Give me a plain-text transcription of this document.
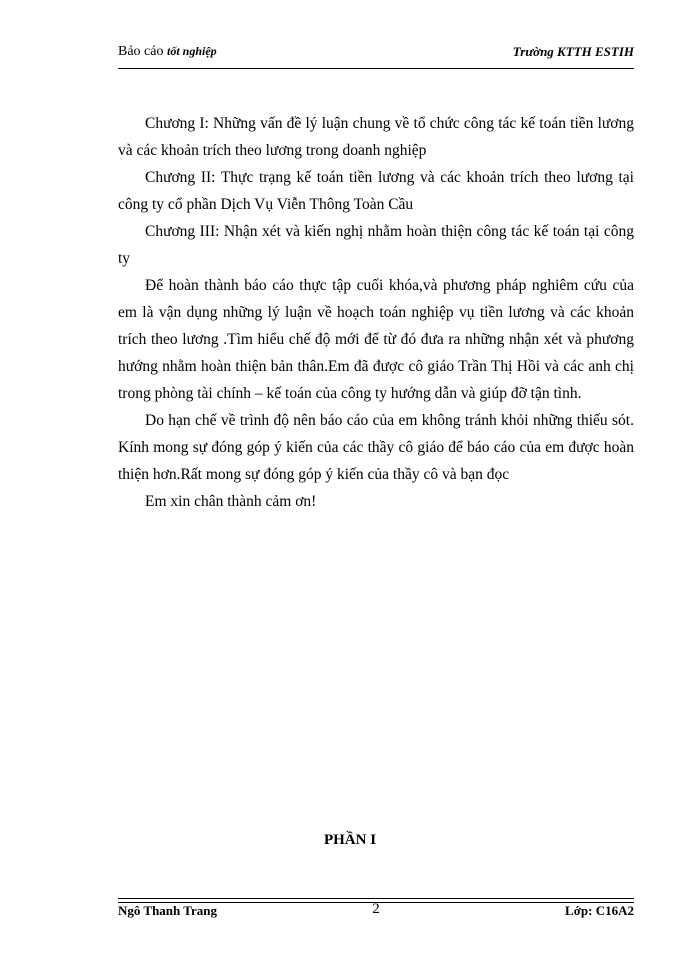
Bảo cáo tốt nghiệp	Trường KTTH ESTIH

Chương I: Những vấn đề lý luận chung về tổ chức công tác kế toán tiền lương và các khoản trích theo lương trong doanh nghiệp

Chương II: Thực trạng kế toán tiền lương và các khoản trích theo lương tại công ty cổ phần Dịch Vụ Viễn Thông Toàn Cầu

Chương III: Nhận xét và kiến nghị nhằm hoàn thiện công tác kế toán tại công ty

Để hoàn thành báo cáo thực tập cuối khóa,và phương pháp nghiêm cứu của em là vận dụng những lý luận về hoạch toán nghiệp vụ tiền lương và các khoản trích theo lương .Tìm hiểu chế độ mới để từ đó đưa ra những nhận xét và phương hướng nhằm hoàn thiện bản thân.Em đã được cô giáo Trần Thị Hồi và các anh chị trong phòng tài chính – kế toán của công ty hướng dẫn và giúp đỡ tận tình.

Do hạn chế về trình độ nên báo cáo của em không tránh khỏi những thiếu sót. Kính mong sự đóng góp ý kiến của các thầy cô giáo để báo cáo của em được hoàn thiện hơn.Rất mong sự đóng góp ý kiến của thầy cô và bạn đọc

Em xin chân thành cảm ơn!

PHẦN I
Ngô Thanh Trang	2	Lớp: C16A2
